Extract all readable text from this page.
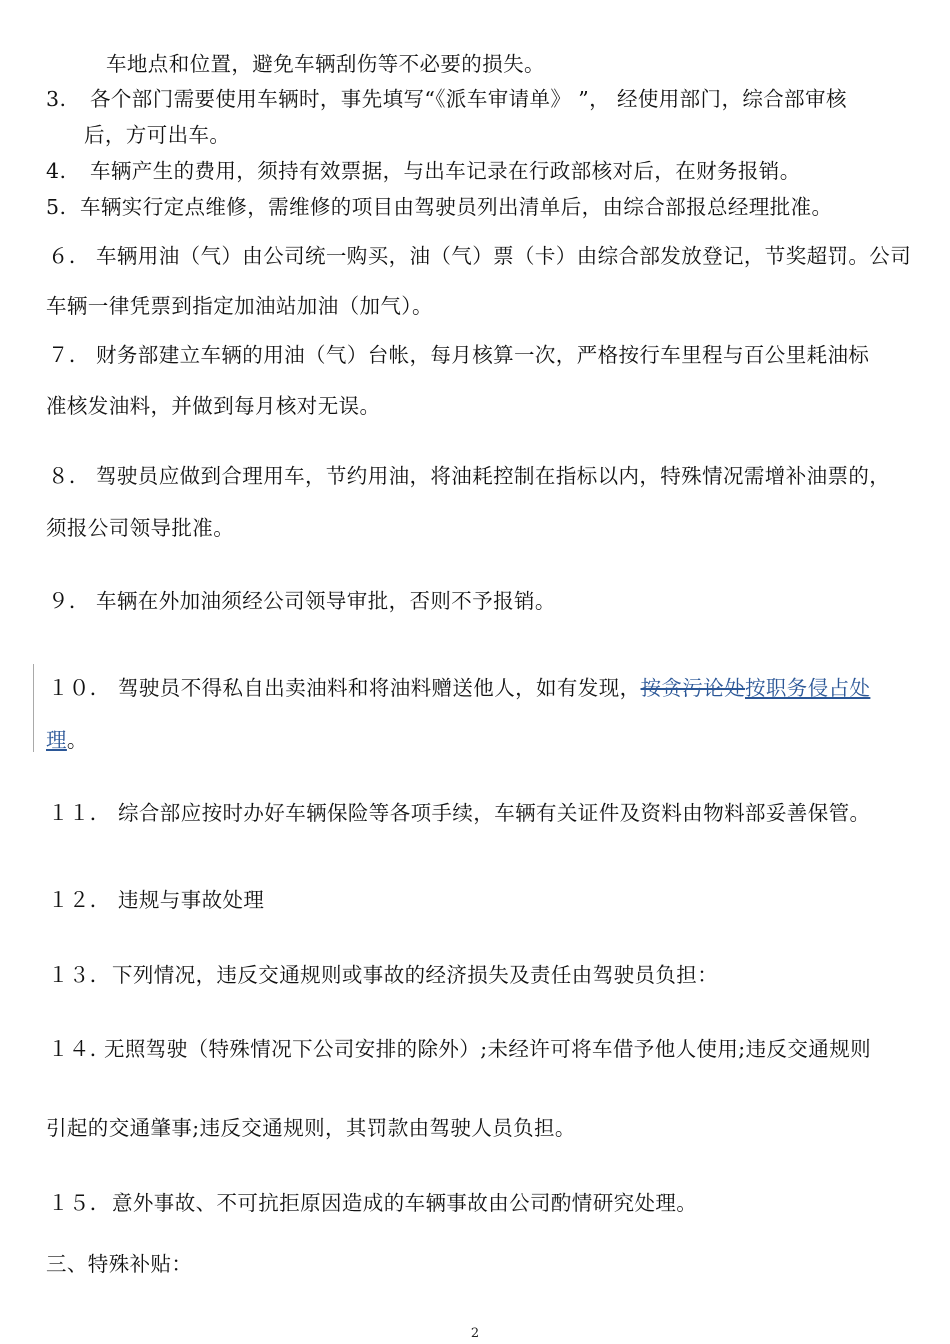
车地点和位置，避免车辆刮伤等不必要的损失。
3. 各个部门需要使用车辆时，事先填写“《派车审请单》 ”， 经使用部门，综合部审核
后，方可出车。
4. 车辆产生的费用，须持有效票据，与出车记录在行政部核对后，在财务报销。
5. 车辆实行定点维修，需维修的项目由驾驶员列出清单后，由综合部报总经理批准。
６． 车辆用油（气）由公司统一购买，油（气）票（卡）由综合部发放登记，节奖超罚。公司
车辆一律凭票到指定加油站加油（加气）。
７． 财务部建立车辆的用油（气）台帐，每月核算一次，严格按行车里程与百公里耗油标
准核发油料，并做到每月核对无误。
８． 驾驶员应做到合理用车，节约用油，将油耗控制在指标以内，特殊情况需增补油票的，
须报公司领导批准。
９． 车辆在外加油须经公司领导审批，否则不予报销。
１０． 驾驶员不得私自出卖油料和将油料赠送他人，如有发现，按贪污论处按职务侵占处
理。
１１． 综合部应按时办好车辆保险等各项手续，车辆有关证件及资料由物料部妥善保管。
１２． 违规与事故处理
１３．下列情况，违反交通规则或事故的经济损失及责任由驾驶员负担：
１４．无照驾驶（特殊情况下公司安排的除外）;未经许可将车借予他人使用;违反交通规则
引起的交通肇事;违反交通规则，其罚款由驾驶人员负担。
１５．意外事故、不可抗拒原因造成的车辆事故由公司酌情研究处理。
三、特殊补贴：
2
